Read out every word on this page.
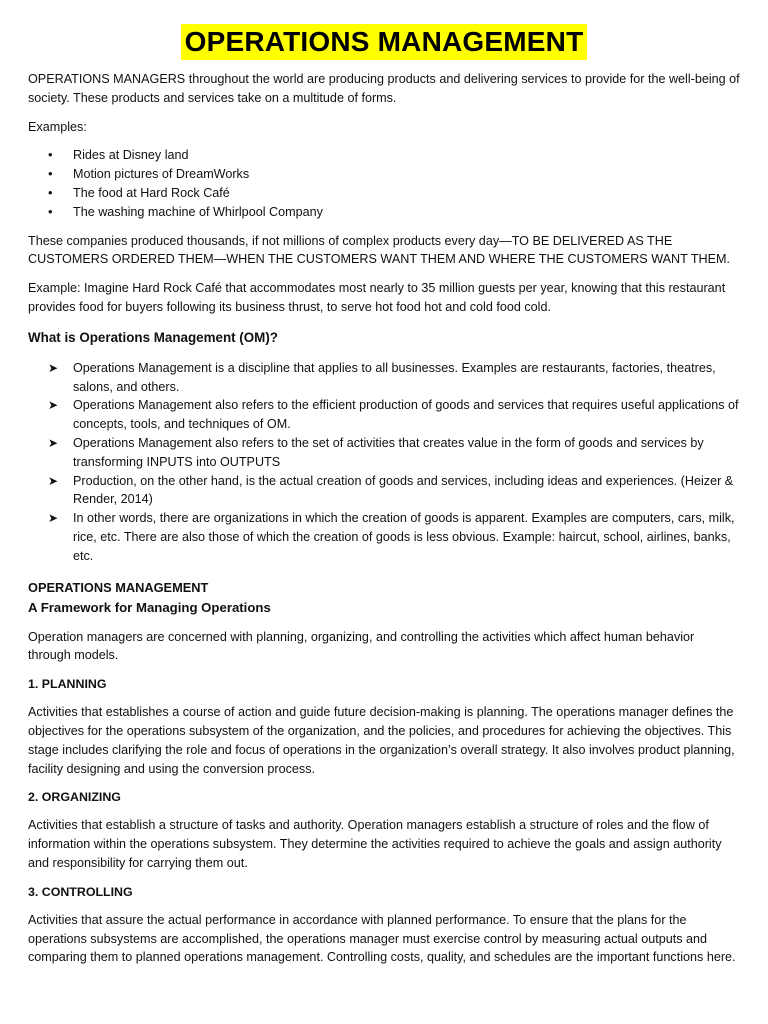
OPERATIONS MANAGEMENT

OPERATIONS MANAGERS throughout the world are producing products and delivering services to provide for the well-being of society. These products and services take on a multitude of forms.

Examples:

• Rides at Disney land
• Motion pictures of DreamWorks
• The food at Hard Rock Café
• The washing machine of Whirlpool Company

These companies produced thousands, if not millions of complex products every day—TO BE DELIVERED AS THE CUSTOMERS ORDERED THEM—WHEN THE CUSTOMERS WANT THEM AND WHERE THE CUSTOMERS WANT THEM.

Example: Imagine Hard Rock Café that accommodates most nearly to 35 million guests per year, knowing that this restaurant provides food for buyers following its business thrust, to serve hot food hot and cold food cold.

What is Operations Management (OM)?
➤ Operations Management is a discipline that applies to all businesses. Examples are restaurants, factories, theatres, salons, and others.
➤ Operations Management also refers to the efficient production of goods and services that requires useful applications of concepts, tools, and techniques of OM.
➤ Operations Management also refers to the set of activities that creates value in the form of goods and services by transforming INPUTS into OUTPUTS
➤ Production, on the other hand, is the actual creation of goods and services, including ideas and experiences. (Heizer & Render, 2014)
➤ In other words, there are organizations in which the creation of goods is apparent. Examples are computers, cars, milk, rice, etc. There are also those of which the creation of goods is less obvious. Example: haircut, school, airlines, banks, etc.
OPERATIONS MANAGEMENT
A Framework for Managing Operations

Operation managers are concerned with planning, organizing, and controlling the activities which affect human behavior through models.

1. PLANNING

Activities that establishes a course of action and guide future decision-making is planning. The operations manager defines the objectives for the operations subsystem of the organization, and the policies, and procedures for achieving the objectives. This stage includes clarifying the role and focus of operations in the organization’s overall strategy. It also involves product planning, facility designing and using the conversion process.

2. ORGANIZING

Activities that establish a structure of tasks and authority. Operation managers establish a structure of roles and the flow of information within the operations subsystem. They determine the activities required to achieve the goals and assign authority and responsibility for carrying them out.

3. CONTROLLING

Activities that assure the actual performance in accordance with planned performance. To ensure that the plans for the operations subsystems are accomplished, the operations manager must exercise control by measuring actual outputs and comparing them to planned operations management. Controlling costs, quality, and schedules are the important functions here.
